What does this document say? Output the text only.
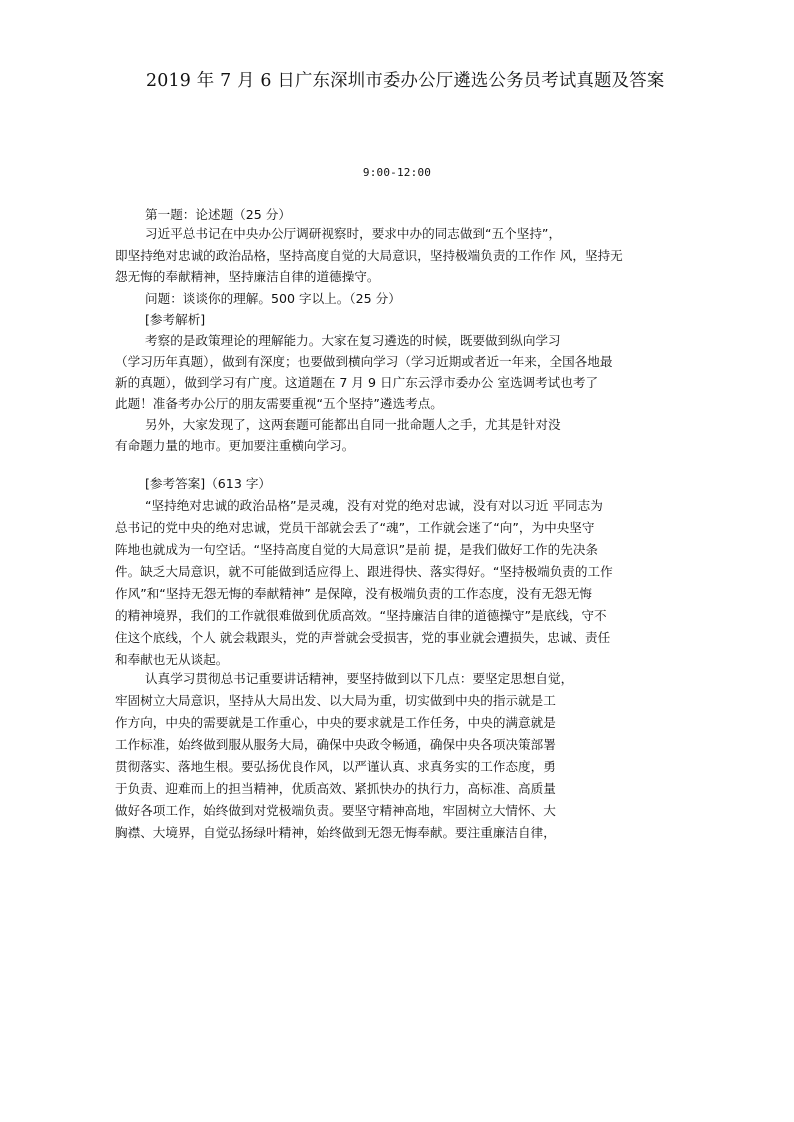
2019 年 7 月 6 日广东深圳市委办公厅遴选公务员考试真题及答案
9:00-12:00
第一题：论述题（25 分）
习近平总书记在中央办公厅调研视察时，要求中办的同志做到“五个坚持”，
即坚持绝对忠诚的政治品格，坚持高度自觉的大局意识，坚持极端负责的工作作 风，坚持无
怨无悔的奉献精神，坚持廉洁自律的道德操守。
问题：谈谈你的理解。500 字以上。（25 分）
[参考解析]
考察的是政策理论的理解能力。大家在复习遴选的时候，既要做到纵向学习
（学习历年真题），做到有深度；也要做到横向学习（学习近期或者近一年来，全国各地最
新的真题），做到学习有广度。这道题在 7 月 9 日广东云浮市委办公 室选调考试也考了
此题！准备考办公厅的朋友需要重视“五个坚持”遴选考点。
另外，大家发现了，这两套题可能都出自同一批命题人之手，尤其是针对没
有命题力量的地市。更加要注重横向学习。
[参考答案]（613 字）
“坚持绝对忠诚的政治品格”是灵魂，没有对党的绝对忠诚，没有对以习近 平同志为
总书记的党中央的绝对忠诚，党员干部就会丢了“魂”，工作就会迷了“向”，为中央坚守
阵地也就成为一句空话。“坚持高度自觉的大局意识”是前 提，是我们做好工作的先决条
件。缺乏大局意识，就不可能做到适应得上、跟进得快、落实得好。“坚持极端负责的工作
作风”和“坚持无怨无悔的奉献精神” 是保障，没有极端负责的工作态度，没有无怨无悔
的精神境界，我们的工作就很难做到优质高效。“坚持廉洁自律的道德操守”是底线，守不
住这个底线，个人 就会栽跟头，党的声誉就会受损害，党的事业就会遭损失，忠诚、责任
和奉献也无从谈起。
认真学习贯彻总书记重要讲话精神，要坚持做到以下几点：要坚定思想自觉，
牢固树立大局意识，坚持从大局出发、以大局为重，切实做到中央的指示就是工
作方向，中央的需要就是工作重心，中央的要求就是工作任务，中央的满意就是
工作标准，始终做到服从服务大局，确保中央政令畅通，确保中央各项决策部署
贯彻落实、落地生根。要弘扬优良作风，以严谨认真、求真务实的工作态度，勇
于负责、迎难而上的担当精神，优质高效、紧抓快办的执行力，高标准、高质量
做好各项工作，始终做到对党极端负责。要坚守精神高地，牢固树立大情怀、大
胸襟、大境界，自觉弘扬绿叶精神，始终做到无怨无悔奉献。要注重廉洁自律，
